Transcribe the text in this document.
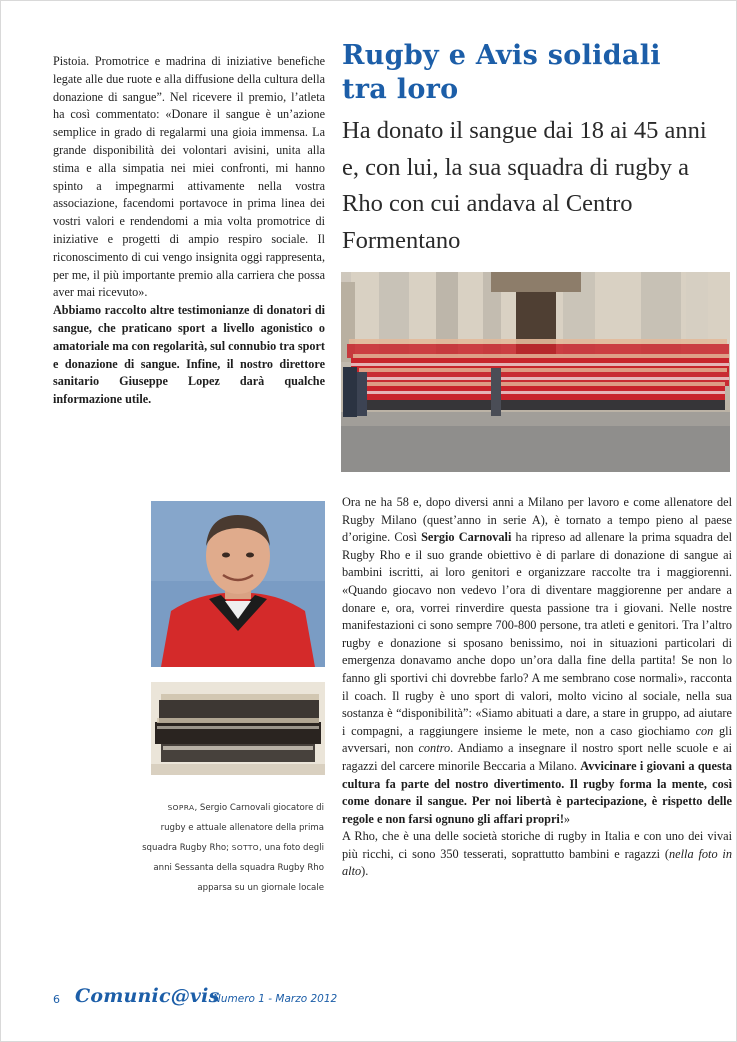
Pistoia. Promotrice e madrina di iniziative benefiche legate alle due ruote e alla diffusione della cultura della donazione di sangue”. Nel ricevere il premio, l’atleta ha così commentato: «Donare il sangue è un’azione semplice in grado di regalarmi una gioia immensa. La grande disponibilità dei volontari avisini, unita alla stima e alla simpatia nei miei confronti, mi hanno spinto a impegnarmi attivamente nella vostra associazione, facendomi portavoce in prima linea dei vostri valori e rendendomi a mia volta promotrice di iniziative e progetti di ampio respiro sociale. Il riconoscimento di cui vengo insignita oggi rappresenta, per me, il più importante premio alla carriera che possa aver mai ricevuto».

Abbiamo raccolto altre testimonianze di donatori di sangue, che praticano sport a livello agonistico o amatoriale ma con regolarità, sul connubio tra sport e donazione di sangue. Infine, il nostro direttore sanitario Giuseppe Lopez darà qualche informazione utile.

Rugby e Avis solidali tra loro
Ha donato il sangue dai 18 ai 45 anni e, con lui, la sua squadra di rugby a Rho con cui andava al Centro Formentano
SOPRA, Sergio Carnovali giocatore di rugby e attuale allenatore della prima squadra Rugby Rho; SOTTO, una foto degli anni Sessanta della squadra Rugby Rho apparsa su un giornale locale

Ora ne ha 58 e, dopo diversi anni a Milano per lavoro e come allenatore del Rugby Milano (quest’anno in serie A), è tornato a tempo pieno al paese d’origine. Così Sergio Carnovali ha ripreso ad allenare la prima squadra del Rugby Rho e il suo grande obiettivo è di parlare di donazione di sangue ai bambini iscritti, ai loro genitori e organizzare raccolte tra i maggiorenni. «Quando giocavo non vedevo l’ora di diventare maggiorenne per andare a donare e, ora, vorrei rinverdire questa passione tra i giovani. Nelle nostre manifestazioni ci sono sempre 700-800 persone, tra atleti e genitori. Tra l’altro rugby e donazione si sposano benissimo, noi in situazioni particolari di emergenza donavamo anche dopo un’ora dalla fine della partita! Se non lo fanno gli sportivi chi dovrebbe farlo? A me sembrano cose normali», racconta il coach. Il rugby è uno sport di valori, molto vicino al sociale, nella sua sostanza è “disponibilità”: «Siamo abituati a dare, a stare in gruppo, ad aiutare i compagni, a raggiungere insieme le mete, non a caso giochiamo con gli avversari, non contro. Andiamo a insegnare il nostro sport nelle scuole e ai ragazzi del carcere minorile Beccaria a Milano. Avvicinare i giovani a questa cultura fa parte del nostro divertimento. Il rugby forma la mente, così come donare il sangue. Per noi libertà è partecipazione, è rispetto delle regole e non farsi ognuno gli affari propri!»

A Rho, che è una delle società storiche di rugby in Italia e con uno dei vivai più ricchi, ci sono 350 tesserati, soprattutto bambini e ragazzi (nella foto in alto).

6 Comunic@vis
Numero 1 - Marzo 2012
